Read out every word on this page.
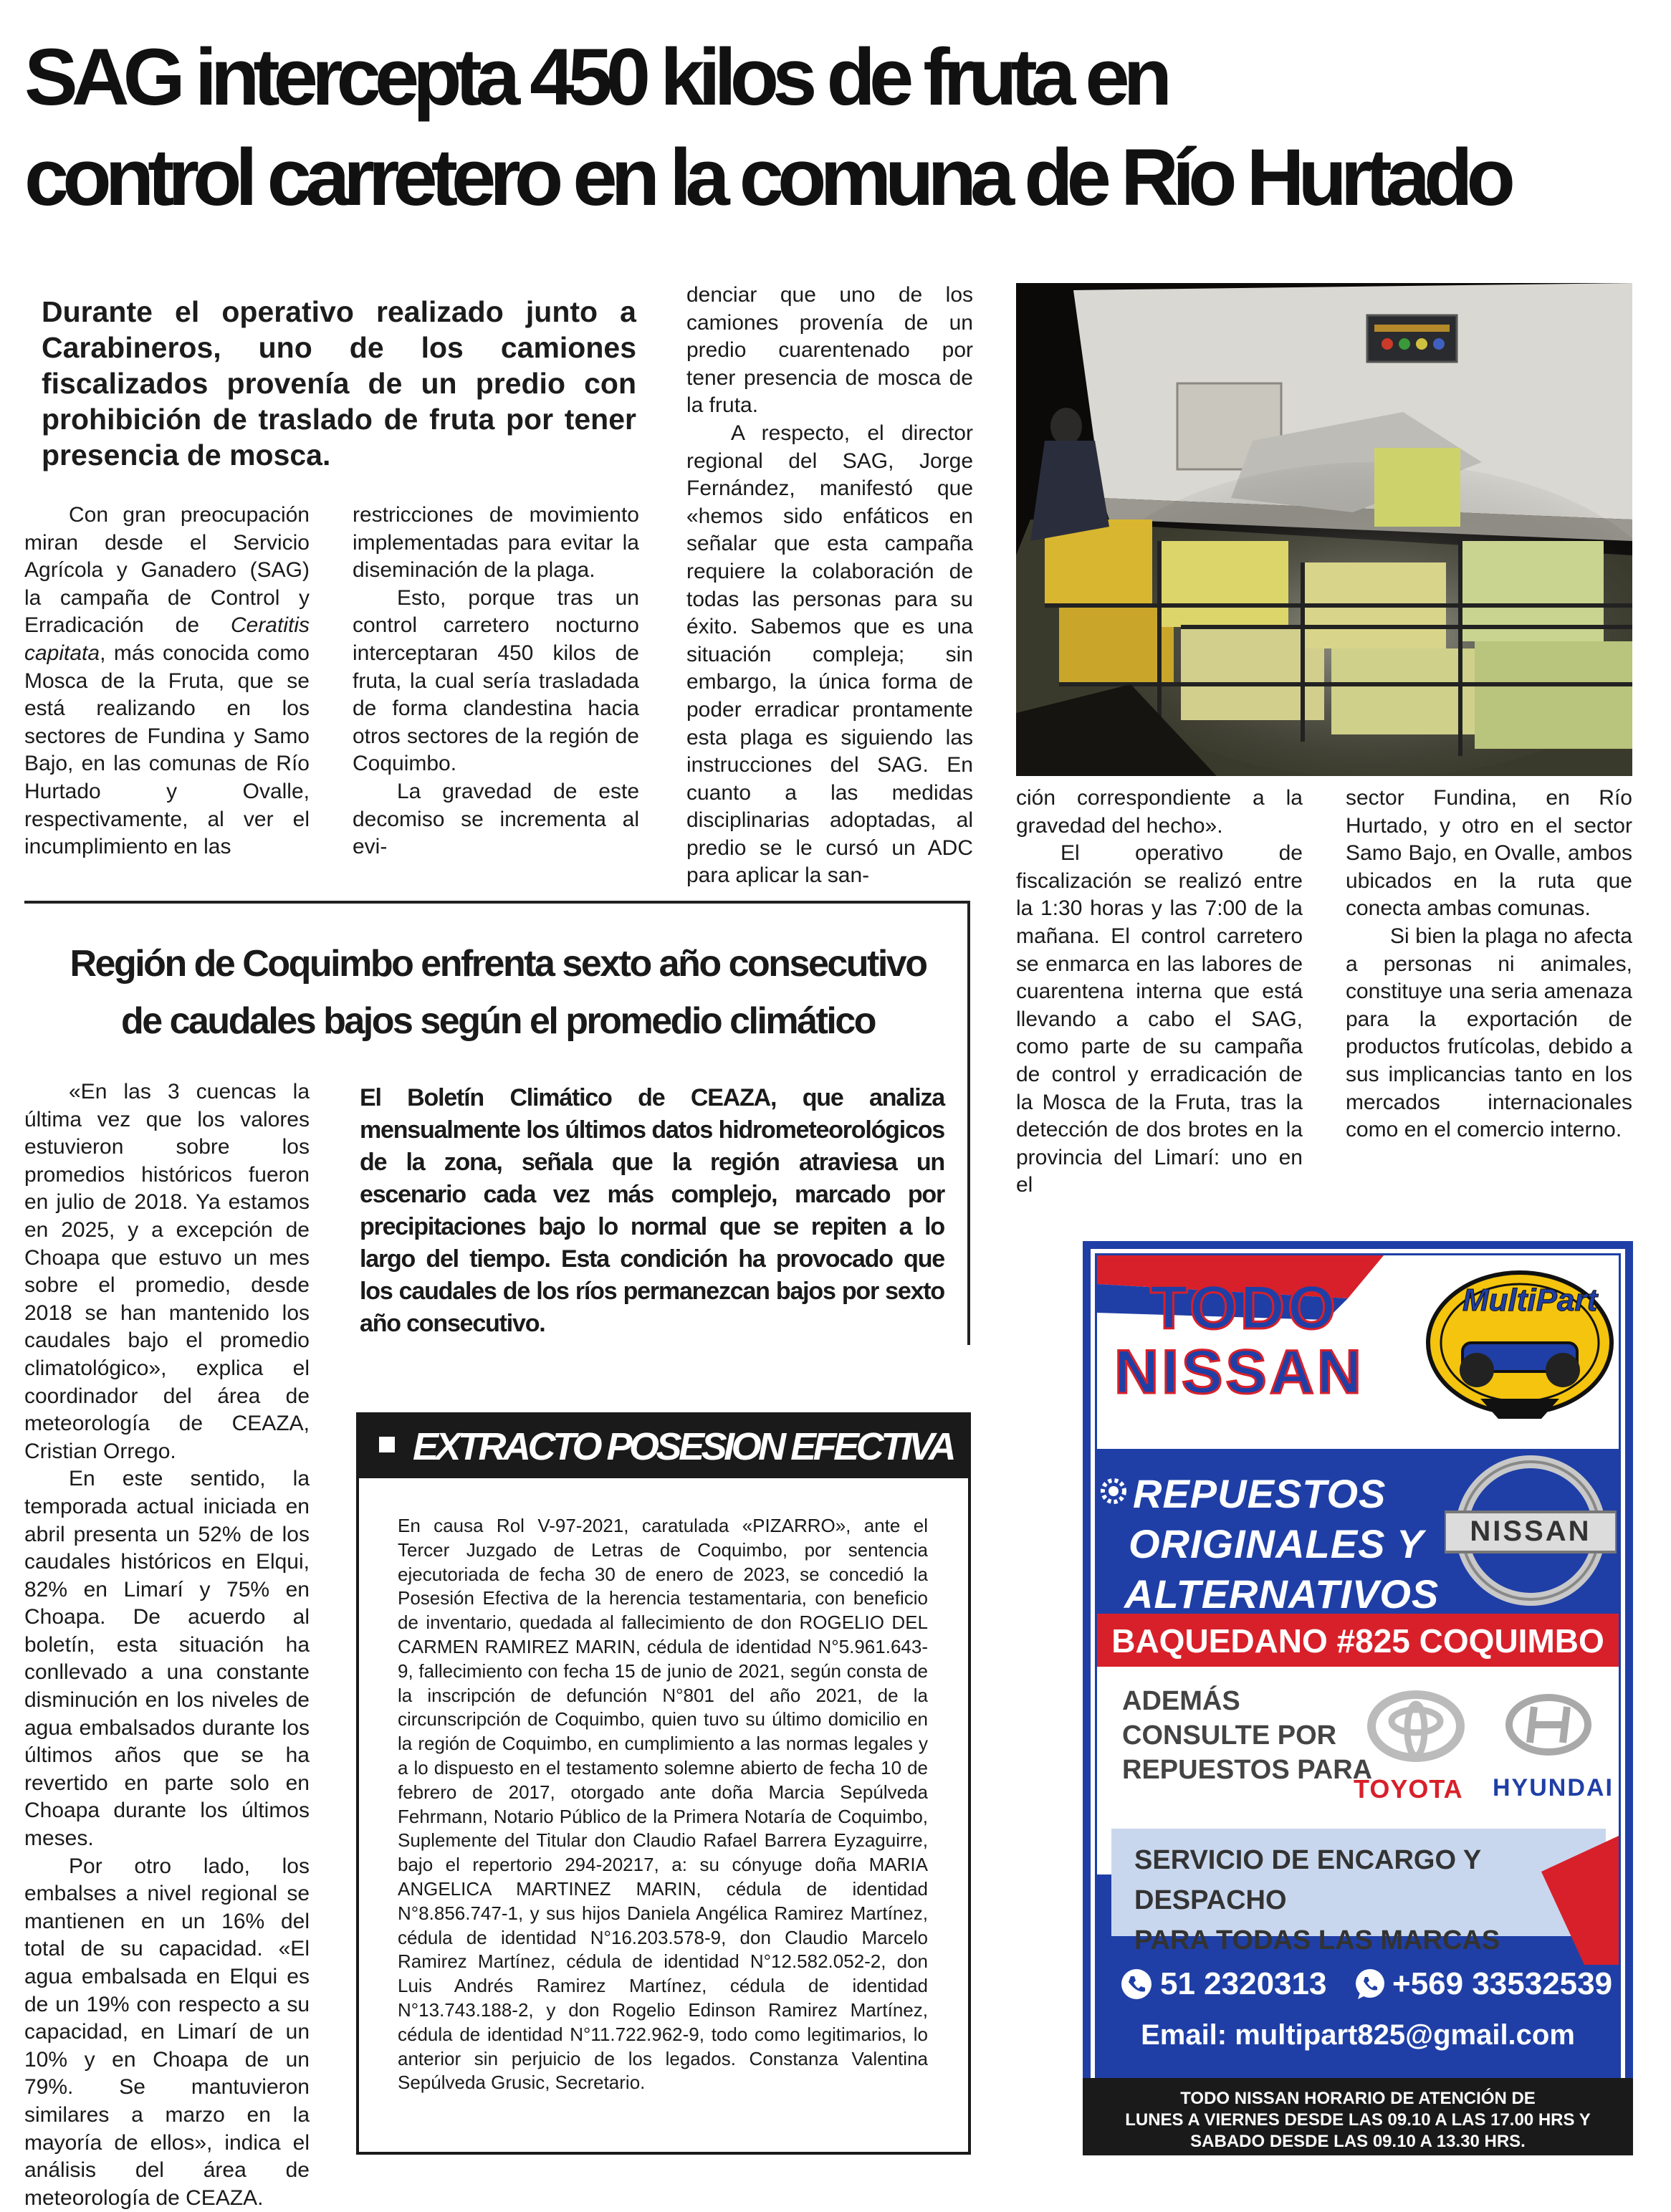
SAG intercepta 450 kilos de fruta en
control carretero en la comuna de Río Hurtado
Durante el operativo realizado junto a Carabineros, uno de los camiones fiscalizados provenía de un predio con prohibición de traslado de fruta por tener presencia de mosca.

Con gran preocupación miran desde el Servicio Agrícola y Ganadero (SAG) la campaña de Control y Erradicación de Ceratitis capitata, más conocida como Mosca de la Fruta, que se está realizando en los sectores de Fundina y Samo Bajo, en las comunas de Río Hurtado y Ovalle, respectivamente, al ver el incumplimiento en las

restricciones de movimiento implementadas para evitar la diseminación de la plaga.

Esto, porque tras un control carretero nocturno interceptaran 450 kilos de fruta, la cual sería trasladada de forma clandestina hacia otros sectores de la región de Coquimbo.

La gravedad de este decomiso se incrementa al evi-

denciar que uno de los camiones provenía de un predio cuarentenado por tener presencia de mosca de la fruta.

A respecto, el director regional del SAG, Jorge Fernández, manifestó que «hemos sido enfáticos en señalar que esta campaña requiere la colaboración de todas las personas para su éxito. Sabemos que es una situación compleja; sin embargo, la única forma de poder erradicar prontamente esta plaga es siguiendo las instrucciones del SAG. En cuanto a las medidas disciplinarias adoptadas, al predio se le cursó un ADC para aplicar la san-

ción correspondiente a la gravedad del hecho».

El operativo de fiscalización se realizó entre la 1:30 horas y las 7:00 de la mañana. El control carretero se enmarca en las labores de cuarentena interna que está llevando a cabo el SAG, como parte de su campaña de control y erradicación de la Mosca de la Fruta, tras la detección de dos brotes en la provincia del Limarí: uno en el

sector Fundina, en Río Hurtado, y otro en el sector Samo Bajo, en Ovalle, ambos ubicados en la ruta que conecta ambas comunas.

Si bien la plaga no afecta a personas ni animales, constituye una seria amenaza para la exportación de productos frutícolas, debido a sus implicancias tanto en los mercados internacionales como en el comercio interno.

Región de Coquimbo enfrenta sexto año consecutivo
de caudales bajos según el promedio climático
El Boletín Climático de CEAZA, que analiza mensualmente los últimos datos hidrometeorológicos de la zona, señala que la región atraviesa un escenario cada vez más complejo, marcado por precipitaciones bajo lo normal que se repiten a lo largo del tiempo. Esta condición ha provocado que los caudales de los ríos permanezcan bajos por sexto año consecutivo.

«En las 3 cuencas la última vez que los valores estuvieron sobre los promedios históricos fueron en julio de 2018. Ya estamos en 2025, y a excepción de Choapa que estuvo un mes sobre el promedio, desde 2018 se han mantenido los caudales bajo el promedio climatológico», explica el coordinador del área de meteorología de CEAZA, Cristian Orrego.

En este sentido, la temporada actual iniciada en abril presenta un 52% de los caudales históricos en Elqui, 82% en Limarí y 75% en Choapa. De acuerdo al boletín, esta situación ha conllevado a una constante disminución en los niveles de agua embalsados durante los últimos años que se ha revertido en parte solo en Choapa durante los últimos meses.

Por otro lado, los embalses a nivel regional se mantienen en un 16% del total de su capacidad. «El agua embalsada en Elqui es de un 19% con respecto a su capacidad, en Limarí de un 10% y en Choapa de un 79%. Se mantuvieron similares a marzo en la mayoría de ellos», indica el análisis del área de meteorología de CEAZA.

EXTRACTO POSESION EFECTIVA
En causa Rol V-97-2021, caratulada «PIZARRO», ante el Tercer Juzgado de Letras de Coquimbo, por sentencia ejecutoriada de fecha 30 de enero de 2023, se concedió la Posesión Efectiva de la herencia testamentaria, con beneficio de inventario, quedada al fallecimiento de don ROGELIO DEL CARMEN RAMIREZ MARIN, cédula de identidad N°5.961.643-9, fallecimiento con fecha 15 de junio de 2021, según consta de la inscripción de defunción N°801 del año 2021, de la circunscripción de Coquimbo, quien tuvo su último domicilio en la región de Coquimbo, en cumplimiento a las normas legales y a lo dispuesto en el testamento solemne abierto de fecha 10 de febrero de 2017, otorgado ante doña Marcia Sepúlveda Fehrmann, Notario Público de la Primera Notaría de Coquimbo, Suplemente del Titular don Claudio Rafael Barrera Eyzaguirre, bajo el repertorio 294-20217, a: su cónyuge doña MARIA ANGELICA MARTINEZ MARIN, cédula de identidad N°8.856.747-1, y sus hijos Daniela Angélica Ramirez Martínez, cédula de identidad N°16.203.578-9, don Claudio Marcelo Ramirez Martínez, cédula de identidad N°12.582.052-2, don Luis Andrés Ramirez Martínez, cédula de identidad N°13.743.188-2, y don Rogelio Edinson Ramirez Martínez, cédula de identidad N°11.722.962-9, todo como legitimarios, lo anterior sin perjuicio de los legados. Constanza Valentina Sepúlveda Grusic, Secretario.
TODO
NISSAN
MultiPart
REPUESTOS
ORIGINALES Y
ALTERNATIVOS
NISSAN
BAQUEDANO #825 COQUIMBO
ADEMÁS
CONSULTE POR
REPUESTOS PARA
TOYOTA HYUNDAI
SERVICIO DE ENCARGO Y DESPACHO
PARA TODAS LAS MARCAS
51 2320313 +569 33532539
Email: multipart825@gmail.com
TODO NISSAN HORARIO DE ATENCIÓN DE
LUNES A VIERNES DESDE LAS 09.10 A LAS 17.00 HRS Y
SABADO DESDE LAS 09.10 A 13.30 HRS.
